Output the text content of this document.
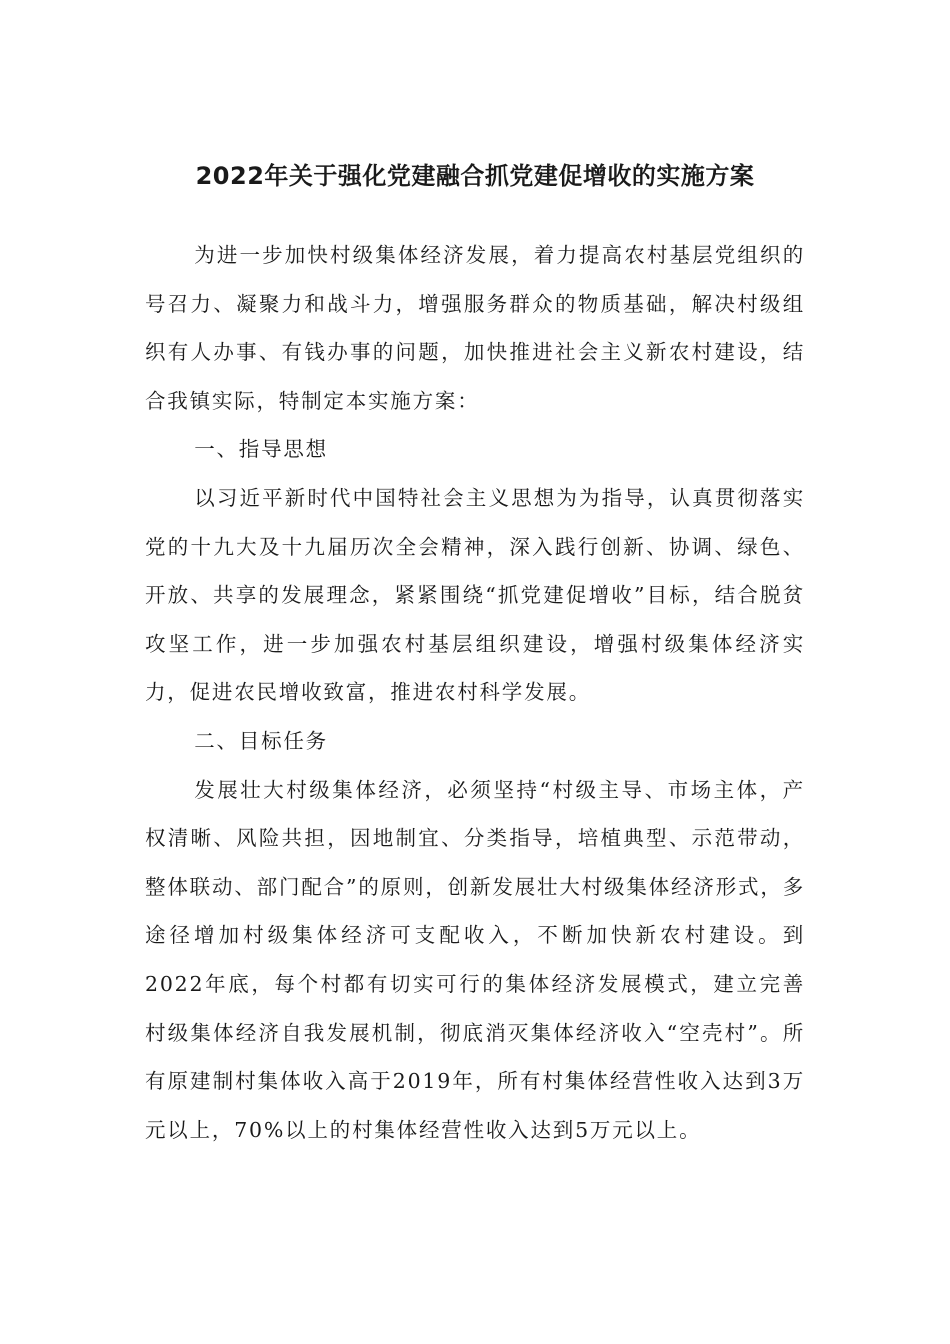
2022年关于强化党建融合抓党建促增收的实施方案

为进一步加快村级集体经济发展，着力提高农村基层党组织的号召力、凝聚力和战斗力，增强服务群众的物质基础，解决村级组织有人办事、有钱办事的问题，加快推进社会主义新农村建设，结合我镇实际，特制定本实施方案：

一、指导思想

以习近平新时代中国特社会主义思想为为指导，认真贯彻落实党的十九大及十九届历次全会精神，深入践行创新、协调、绿色、开放、共享的发展理念，紧紧围绕“抓党建促增收”目标，结合脱贫攻坚工作，进一步加强农村基层组织建设，增强村级集体经济实力，促进农民增收致富，推进农村科学发展。

二、目标任务

发展壮大村级集体经济，必须坚持“村级主导、市场主体，产权清晰、风险共担，因地制宜、分类指导，培植典型、示范带动，整体联动、部门配合”的原则，创新发展壮大村级集体经济形式，多途径增加村级集体经济可支配收入，不断加快新农村建设。到2022年底，每个村都有切实可行的集体经济发展模式，建立完善村级集体经济自我发展机制，彻底消灭集体经济收入“空壳村”。所有原建制村集体收入高于2019年，所有村集体经营性收入达到3万元以上，70%以上的村集体经营性收入达到5万元以上。
